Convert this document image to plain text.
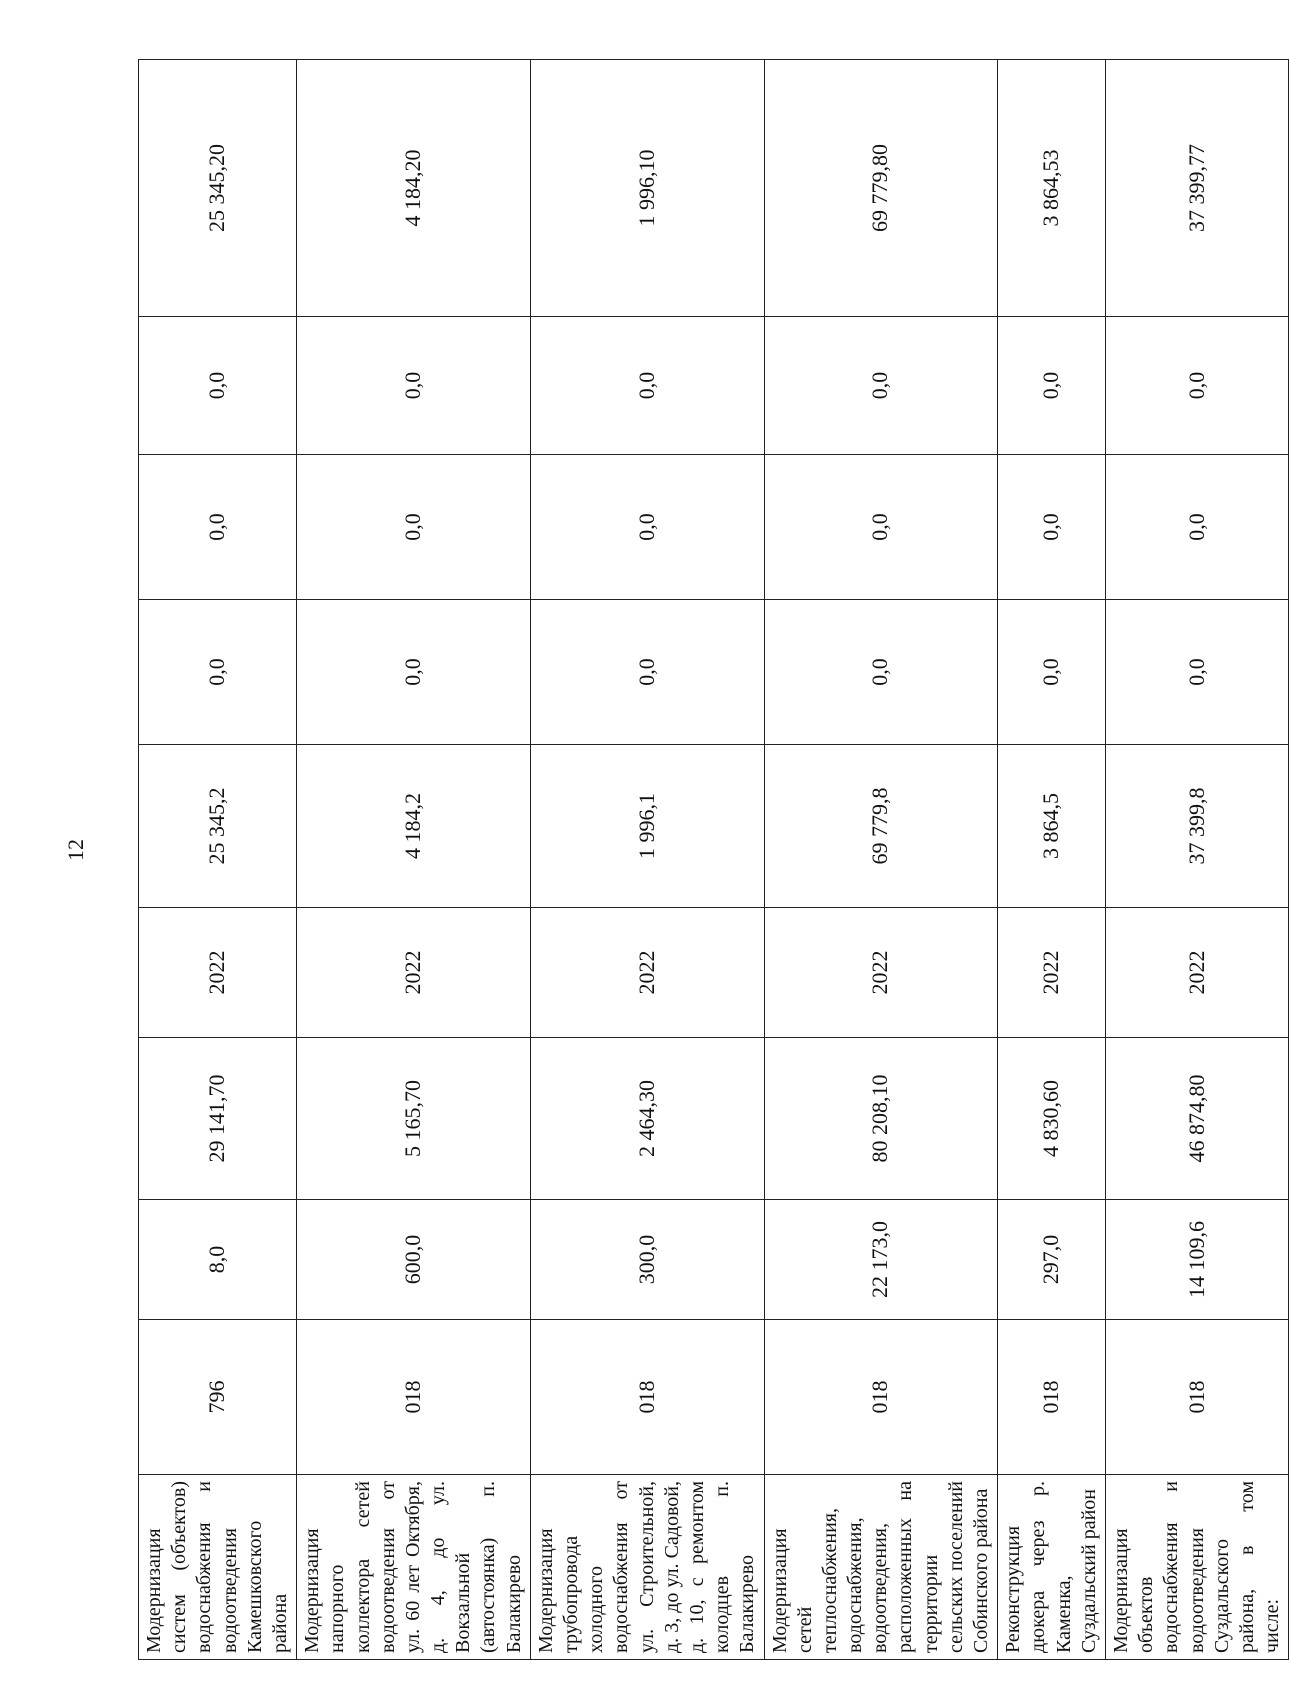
12
Модернизация систем (объектов) водоснабжения и водоотведения Камешковского района	796	8,0	29 141,70	2022	25 345,2	0,0	0,0	0,0	25 345,20
Модернизация напорного коллектора сетей водоотведения от ул. 60 лет Октября, д. 4, до ул. Вокзальной (автостоянка) п. Балакирево	018	600,0	5 165,70	2022	4 184,2	0,0	0,0	0,0	4 184,20
Модернизация трубопровода холодного водоснабжения от ул. Строительной, д. 3, до ул. Садовой, д. 10, с ремонтом колодцев п. Балакирево	018	300,0	2 464,30	2022	1 996,1	0,0	0,0	0,0	1 996,10
Модернизация сетей теплоснабжения, водоснабжения, водоотведения, расположенных на территории сельских поселений Собинского района	018	22 173,0	80 208,10	2022	69 779,8	0,0	0,0	0,0	69 779,80
Реконструкция дюкера через р. Каменка, Суздальский район	018	297,0	4 830,60	2022	3 864,5	0,0	0,0	0,0	3 864,53
Модернизация объектов водоснабжения и водоотведения Суздальского района, в том числе:	018	14 109,6	46 874,80	2022	37 399,8	0,0	0,0	0,0	37 399,77
